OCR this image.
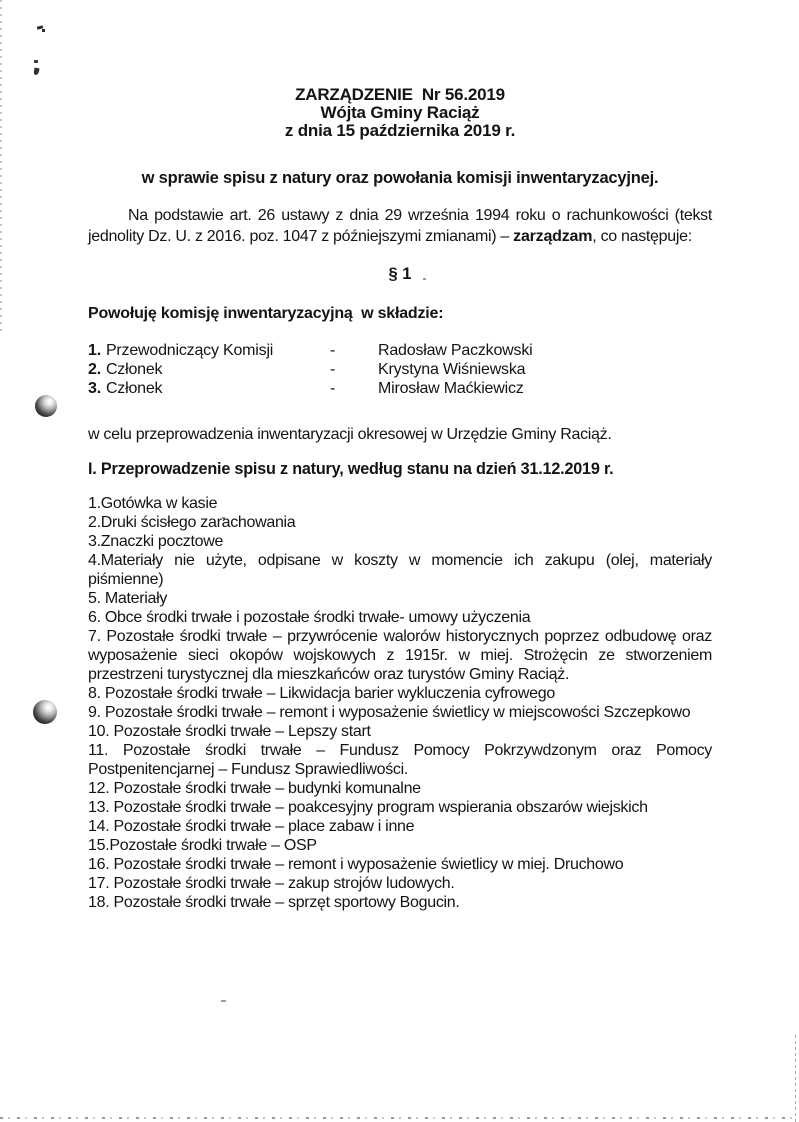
ZARZĄDZENIE  Nr 56.2019
Wójta Gminy Raciąż
z dnia 15 października 2019 r.
w sprawie spisu z natury oraz powołania komisji inwentaryzacyjnej.

Na podstawie art. 26 ustawy z dnia 29 września 1994 roku o rachunkowości (tekst jednolity Dz. U. z 2016. poz. 1047 z późniejszymi zmianami) – zarządzam, co następuje:

§ 1
Powołuję komisję inwentaryzacyjną  w składzie:
1. Przewodniczący Komisji	-	Radosław Paczkowski
2. Członek	-	Krystyna Wiśniewska
3. Członek	-	Mirosław Maćkiewicz
w celu przeprowadzenia inwentaryzacji okresowej w Urzędzie Gminy Raciąż.
I. Przeprowadzenie spisu z natury, według stanu na dzień 31.12.2019 r.
1.Gotówka w kasie
2.Druki ścisłego zarachowania
3.Znaczki pocztowe
4.Materiały nie użyte, odpisane w koszty w momencie ich zakupu (olej, materiały piśmienne)
5. Materiały
6. Obce środki trwałe i pozostałe środki trwałe- umowy użyczenia
7. Pozostałe środki trwałe – przywrócenie walorów historycznych poprzez odbudowę oraz wyposażenie sieci okopów wojskowych z 1915r. w miej. Strożęcin ze stworzeniem przestrzeni turystycznej dla mieszkańców oraz turystów Gminy Raciąż.
8. Pozostałe środki trwałe – Likwidacja barier wykluczenia cyfrowego
9. Pozostałe środki trwałe – remont i wyposażenie świetlicy w miejscowości Szczepkowo
10. Pozostałe środki trwałe – Lepszy start
11. Pozostałe środki trwałe – Fundusz Pomocy Pokrzywdzonym oraz Pomocy Postpenitencjarnej – Fundusz Sprawiedliwości.
12. Pozostałe środki trwałe – budynki komunalne
13. Pozostałe środki trwałe – poakcesyjny program wspierania obszarów wiejskich
14. Pozostałe środki trwałe – place zabaw i inne
15.Pozostałe środki trwałe – OSP
16. Pozostałe środki trwałe – remont i wyposażenie świetlicy w miej. Druchowo
17. Pozostałe środki trwałe – zakup strojów ludowych.
18. Pozostałe środki trwałe – sprzęt sportowy Bogucin.
